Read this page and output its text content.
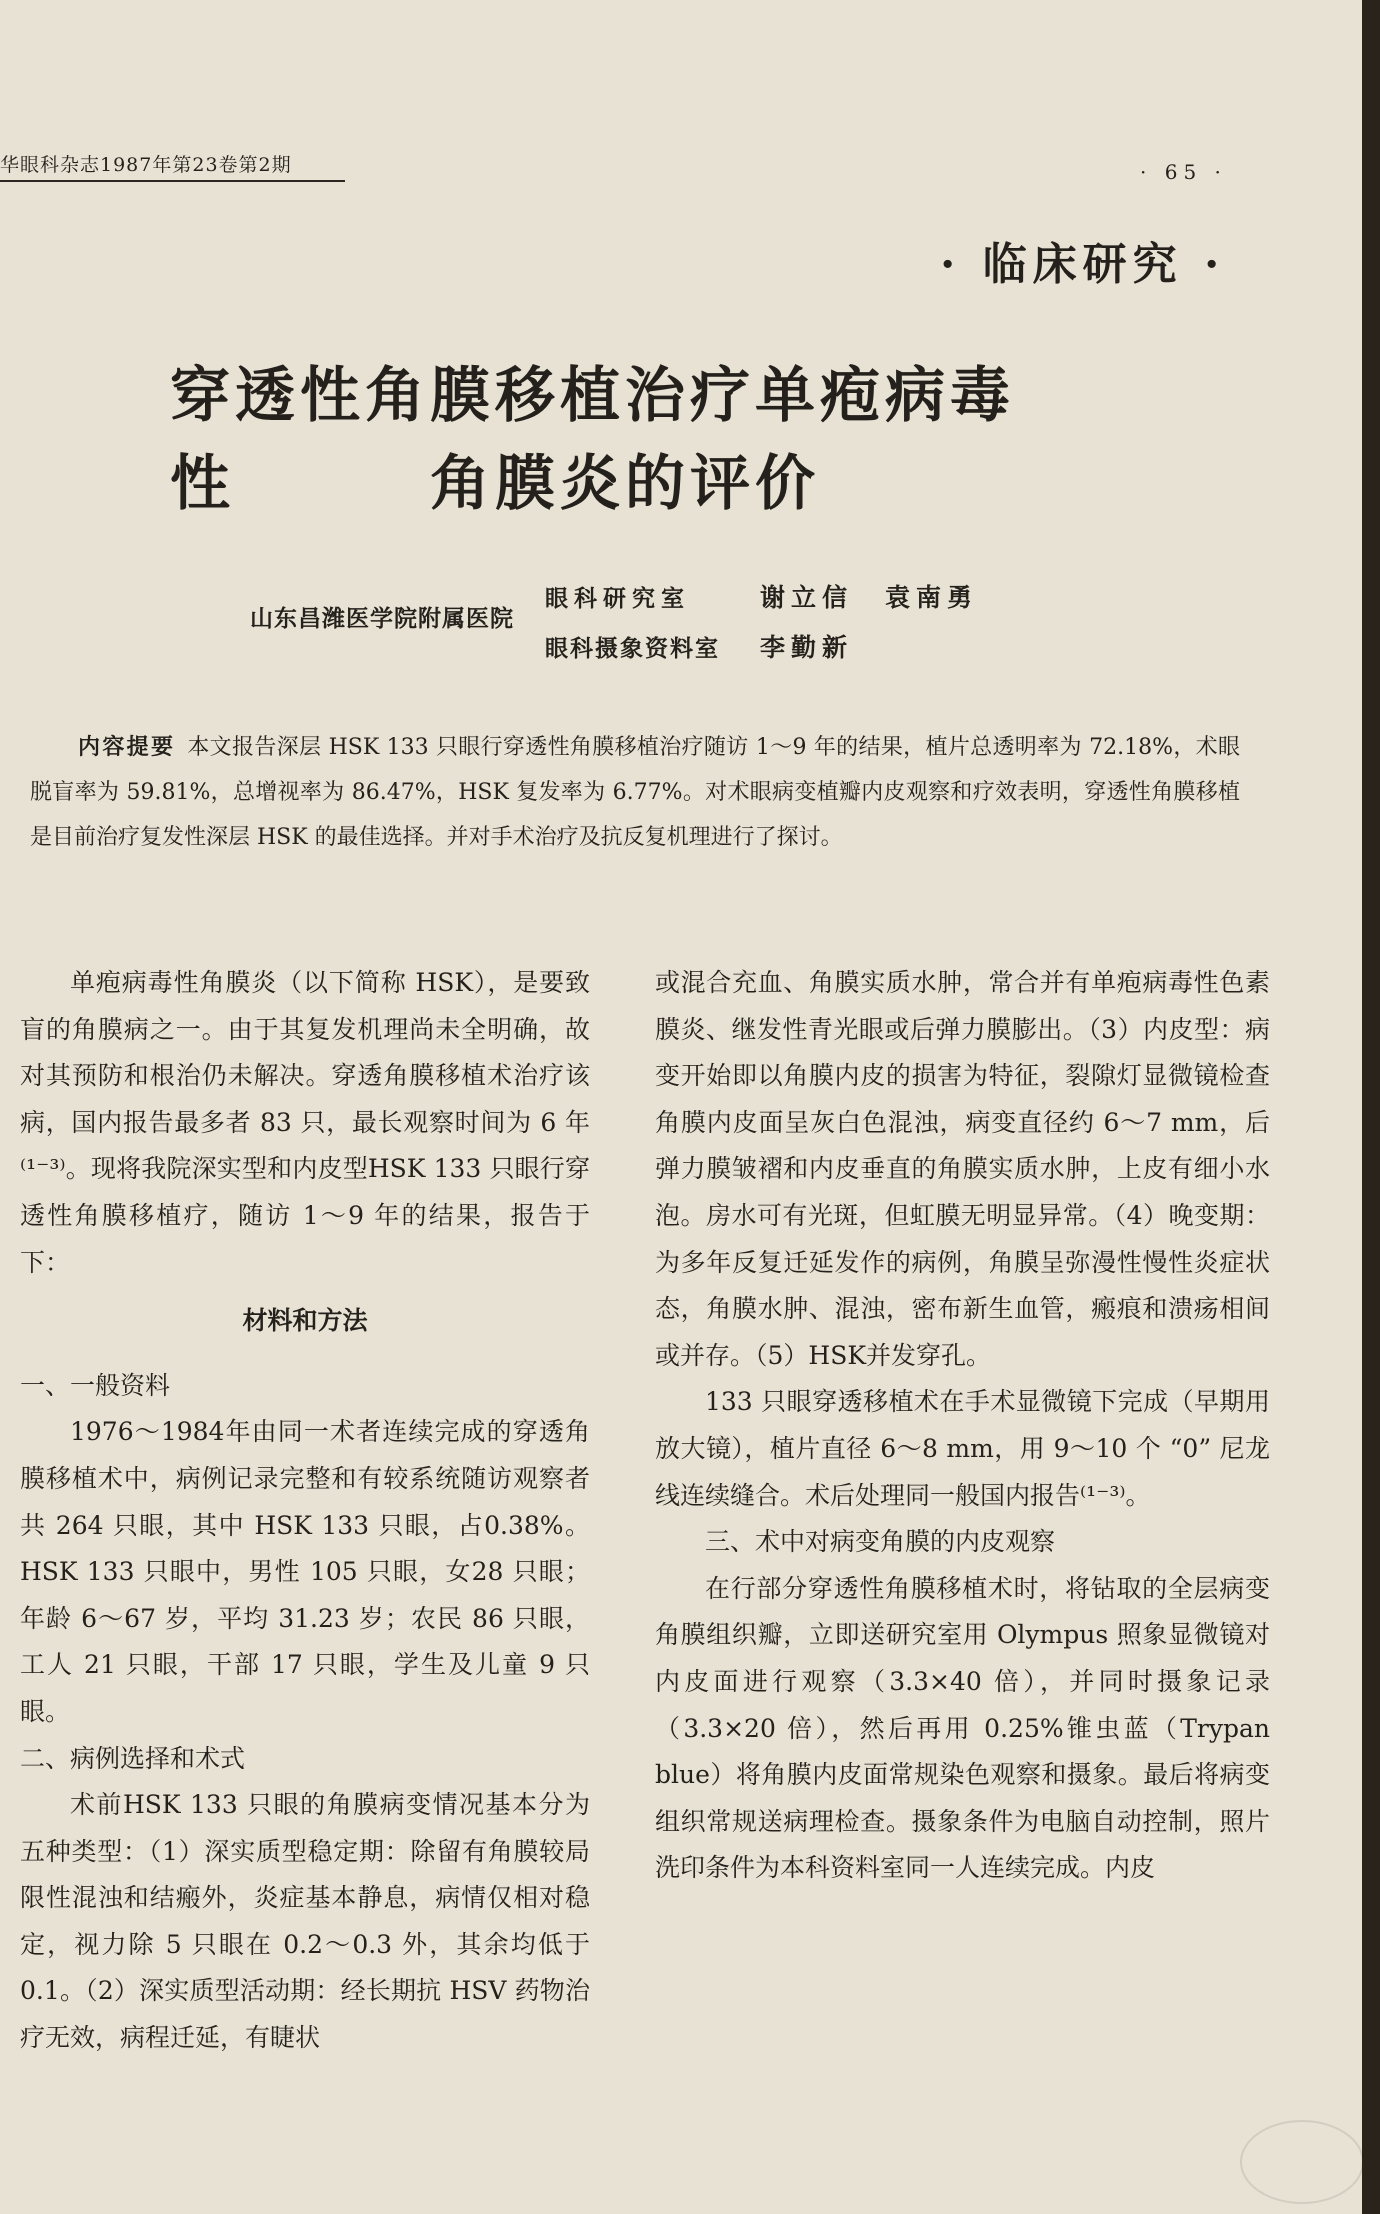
华眼科杂志1987年第23卷第2期	· 65 ·
· 临床研究 ·
穿透性角膜移植治疗单疱病毒性	角膜炎的评价
山东昌潍医学院附属医院
眼科研究室
眼科摄象资料室
谢立信 袁南勇
李勤新
内容提要 本文报告深层 HSK 133 只眼行穿透性角膜移植治疗随访 1～9 年的结果，植片总透明率为 72.18%，术眼脱盲率为 59.81%，总增视率为 86.47%，HSK 复发率为 6.77%。对术眼病变植瓣内皮观察和疗效表明，穿透性角膜移植是目前治疗复发性深层 HSK 的最佳选择。并对手术治疗及抗反复机理进行了探讨。

单疱病毒性角膜炎（以下简称 HSK），是要致盲的角膜病之一。由于其复发机理尚未全明确，故对其预防和根治仍未解决。穿透角膜移植术治疗该病，国内报告最多者 83 只，最长观察时间为 6 年⁽¹⁻³⁾。现将我院深实型和内皮型HSK 133 只眼行穿透性角膜移植疗，随访 1～9 年的结果，报告于下：

材料和方法

一、一般资料

1976～1984年由同一术者连续完成的穿透角膜移植术中，病例记录完整和有较系统随访观察者共 264 只眼，其中 HSK 133 只眼，占0.38%。HSK 133 只眼中，男性 105 只眼，女28 只眼；年龄 6～67 岁，平均 31.23 岁；农民 86 只眼，工人 21 只眼，干部 17 只眼，学生及儿童 9 只眼。

二、病例选择和术式

术前HSK 133 只眼的角膜病变情况基本分为五种类型：（1）深实质型稳定期：除留有角膜较局限性混浊和结瘢外，炎症基本静息，病情仅相对稳定，视力除 5 只眼在 0.2～0.3 外，其余均低于 0.1。（2）深实质型活动期：经长期抗 HSV 药物治疗无效，病程迁延，有睫状

或混合充血、角膜实质水肿，常合并有单疱病毒性色素膜炎、继发性青光眼或后弹力膜膨出。（3）内皮型：病变开始即以角膜内皮的损害为特征，裂隙灯显微镜检查角膜内皮面呈灰白色混浊，病变直径约 6～7 mm，后弹力膜皱褶和内皮垂直的角膜实质水肿，上皮有细小水泡。房水可有光斑，但虹膜无明显异常。（4）晚变期：为多年反复迁延发作的病例，角膜呈弥漫性慢性炎症状态，角膜水肿、混浊，密布新生血管，瘢痕和溃疡相间或并存。（5）HSK并发穿孔。

133 只眼穿透移植术在手术显微镜下完成（早期用放大镜），植片直径 6～8 mm，用 9～10 个 “0” 尼龙线连续缝合。术后处理同一般国内报告⁽¹⁻³⁾。

三、术中对病变角膜的内皮观察

在行部分穿透性角膜移植术时，将钻取的全层病变角膜组织瓣，立即送研究室用 Olympus 照象显微镜对内皮面进行观察（3.3×40 倍），并同时摄象记录（3.3×20 倍），然后再用 0.25%锥虫蓝（Trypan blue）将角膜内皮面常规染色观察和摄象。最后将病变组织常规送病理检查。摄象条件为电脑自动控制，照片洗印条件为本科资料室同一人连续完成。内皮
